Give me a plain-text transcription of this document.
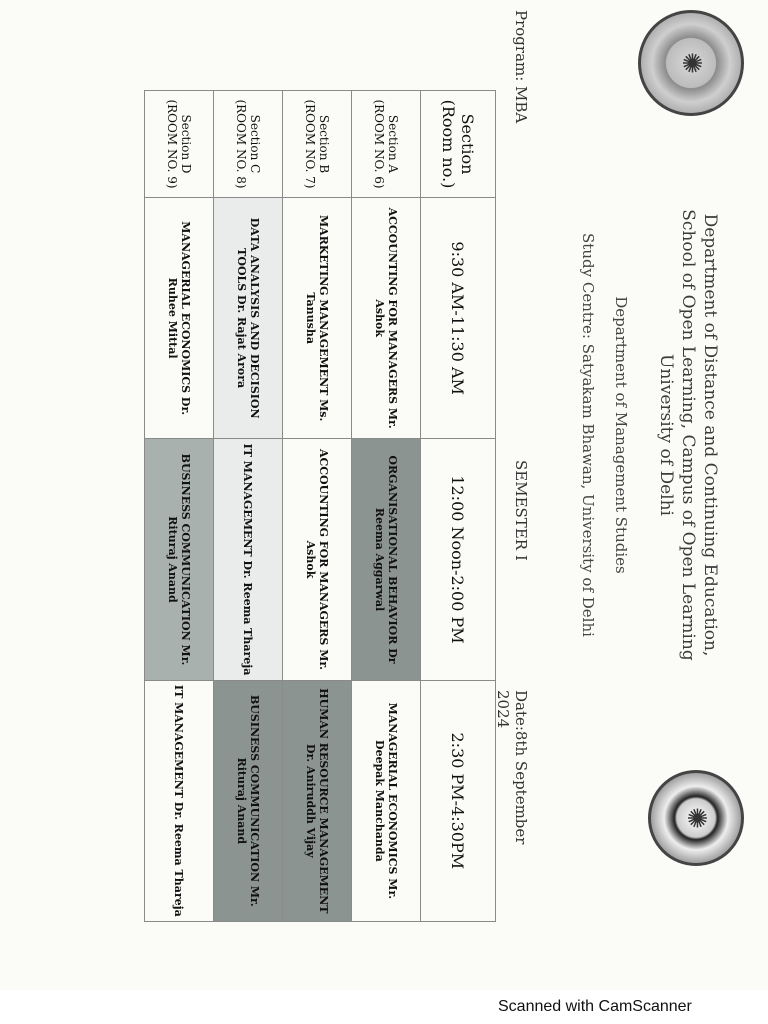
✺
✺
Department of Distance and Continuing Education,
School of Open Learning, Campus of Open Learning
University of Delhi
Department of Management Studies
Study Centre: Satyakam Bhawan, University of Delhi
Program: MBA
SEMESTER I
Date:8th September 2024
Section (Room no.)	9:30 AM-11:30 AM	12:00 Noon-2:00 PM	2:30 PM-4:30PM
Section A (ROOM NO. 6)	ACCOUNTING FOR MANAGERS Mr. Ashok	ORGANISATIONAL BEHAVIOR Dr Reema Aggarwal	MANAGERIAL ECONOMICS Mr. Deepak Manchanda
Section B (ROOM NO. 7)	MARKETING MANAGEMENT Ms. Tanusha	ACCOUNTING FOR MANAGERS Mr. Ashok	HUMAN RESOURCE MANAGEMENT Dr. Aniruddh Vijay
Section C (ROOM NO. 8)	DATA ANALYSIS AND DECISION TOOLS Dr. Rajat Arora	IT MANAGEMENT Dr. Reema Thareja	BUSINESS COMMUNICATION Mr. Rituraj Anand
Section D (ROOM NO. 9)	MANAGERIAL ECONOMICS Dr. Ruhee Mittal	BUSINESS COMMUNICATION Mr. Rituraj Anand	IT MANAGEMENT Dr. Reema Thareja
Scanned with CamScanner
